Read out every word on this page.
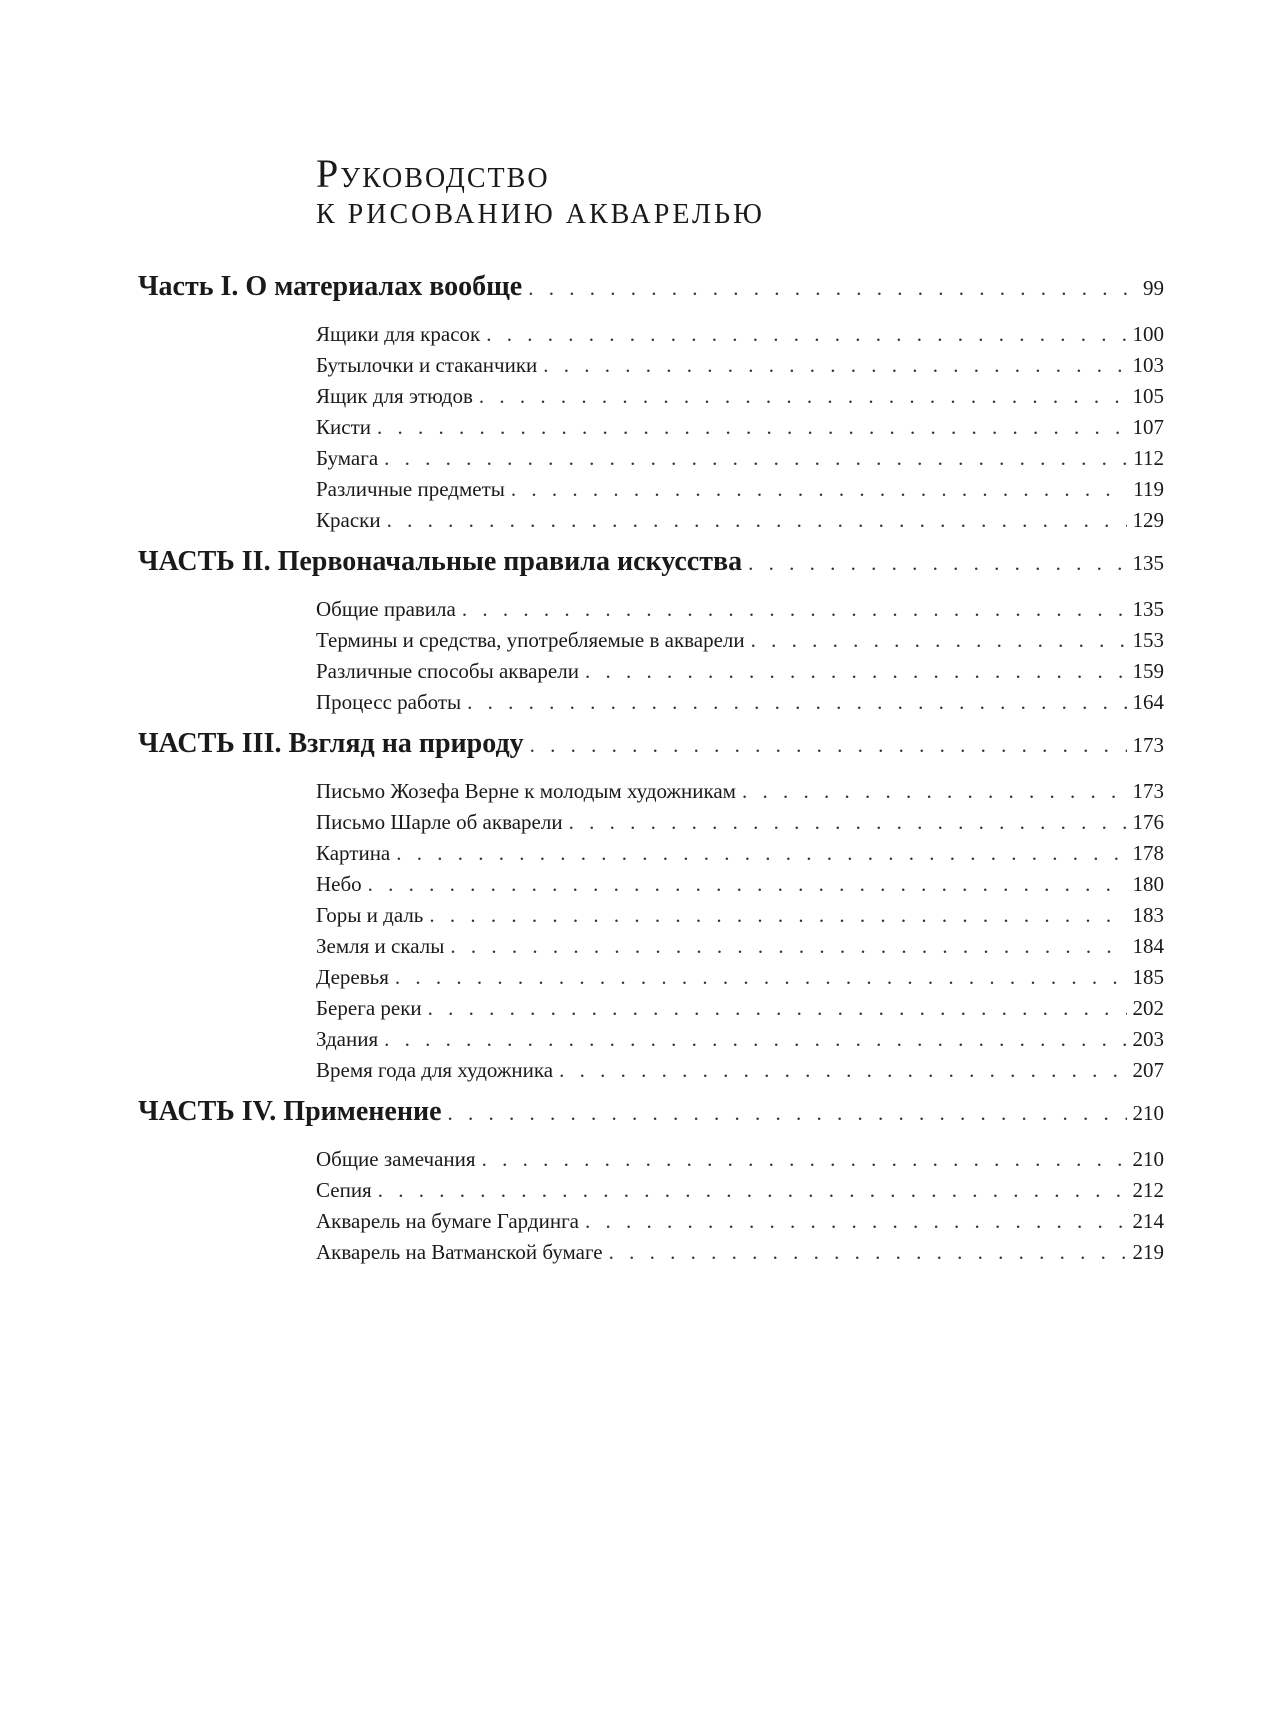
Руководство
К РИСОВАНИЮ АКВАРЕЛЬЮ
Часть I. О материалах вообще . . .	99
Ящики для красок . . .	100
Бутылочки и стаканчики . . .	103
Ящик для этюдов . . .	105
Кисти . . .	107
Бумага . . .	112
Различные предметы . . .	119
Краски . . .	129
ЧАСТЬ II. Первоначальные правила искусства . . .	135
Общие правила . . .	135
Термины и средства, употребляемые в акварели . . .	153
Различные способы акварели . . .	159
Процесс работы . . .	164
ЧАСТЬ III. Взгляд на природу . . .	173
Письмо Жозефа Верне к молодым художникам . . .	173
Письмо Шарле об акварели . . .	176
Картина . . .	178
Небо . . .	180
Горы и даль . . .	183
Земля и скалы . . .	184
Деревья . . .	185
Берега реки . . .	202
Здания . . .	203
Время года для художника . . .	207
ЧАСТЬ IV. Применение . . .	210
Общие замечания . . .	210
Сепия . . .	212
Акварель на бумаге Гардинга . . .	214
Акварель на Ватманской бумаге . . .	219
